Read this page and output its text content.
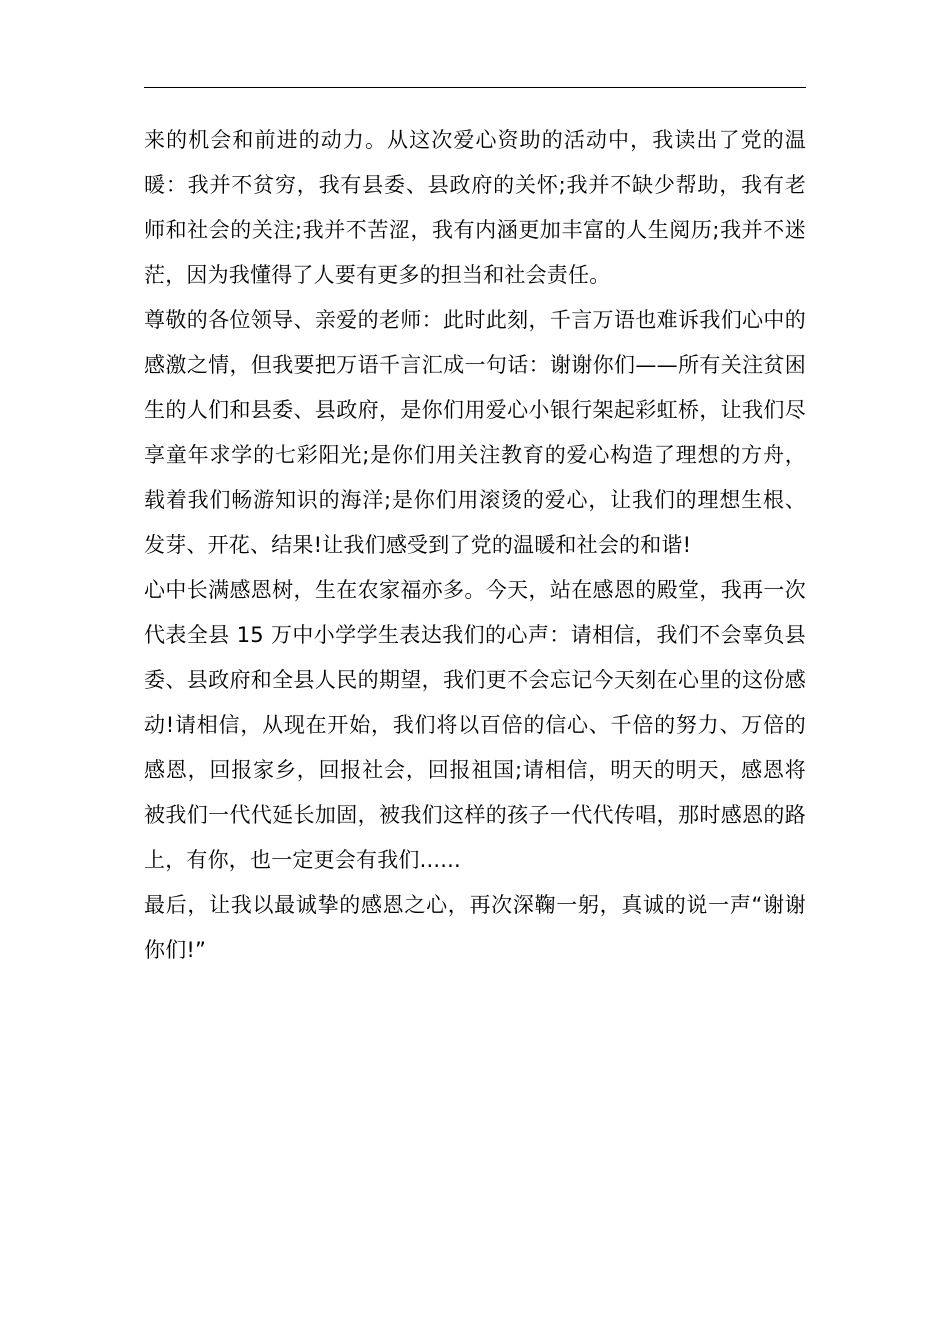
来的机会和前进的动力。从这次爱心资助的活动中，我读出了党的温暖：我并不贫穷，我有县委、县政府的关怀;我并不缺少帮助，我有老师和社会的关注;我并不苦涩，我有内涵更加丰富的人生阅历;我并不迷茫，因为我懂得了人要有更多的担当和社会责任。

尊敬的各位领导、亲爱的老师：此时此刻，千言万语也难诉我们心中的感激之情，但我要把万语千言汇成一句话：谢谢你们——所有关注贫困生的人们和县委、县政府，是你们用爱心小银行架起彩虹桥，让我们尽享童年求学的七彩阳光;是你们用关注教育的爱心构造了理想的方舟，载着我们畅游知识的海洋;是你们用滚烫的爱心，让我们的理想生根、发芽、开花、结果!让我们感受到了党的温暖和社会的和谐!

心中长满感恩树，生在农家福亦多。今天，站在感恩的殿堂，我再一次代表全县 15 万中小学学生表达我们的心声：请相信，我们不会辜负县委、县政府和全县人民的期望，我们更不会忘记今天刻在心里的这份感动!请相信，从现在开始，我们将以百倍的信心、千倍的努力、万倍的感恩，回报家乡，回报社会，回报祖国;请相信，明天的明天，感恩将被我们一代代延长加固，被我们这样的孩子一代代传唱，那时感恩的路上，有你，也一定更会有我们......

最后，让我以最诚挚的感恩之心，再次深鞠一躬，真诚的说一声“谢谢你们!”
